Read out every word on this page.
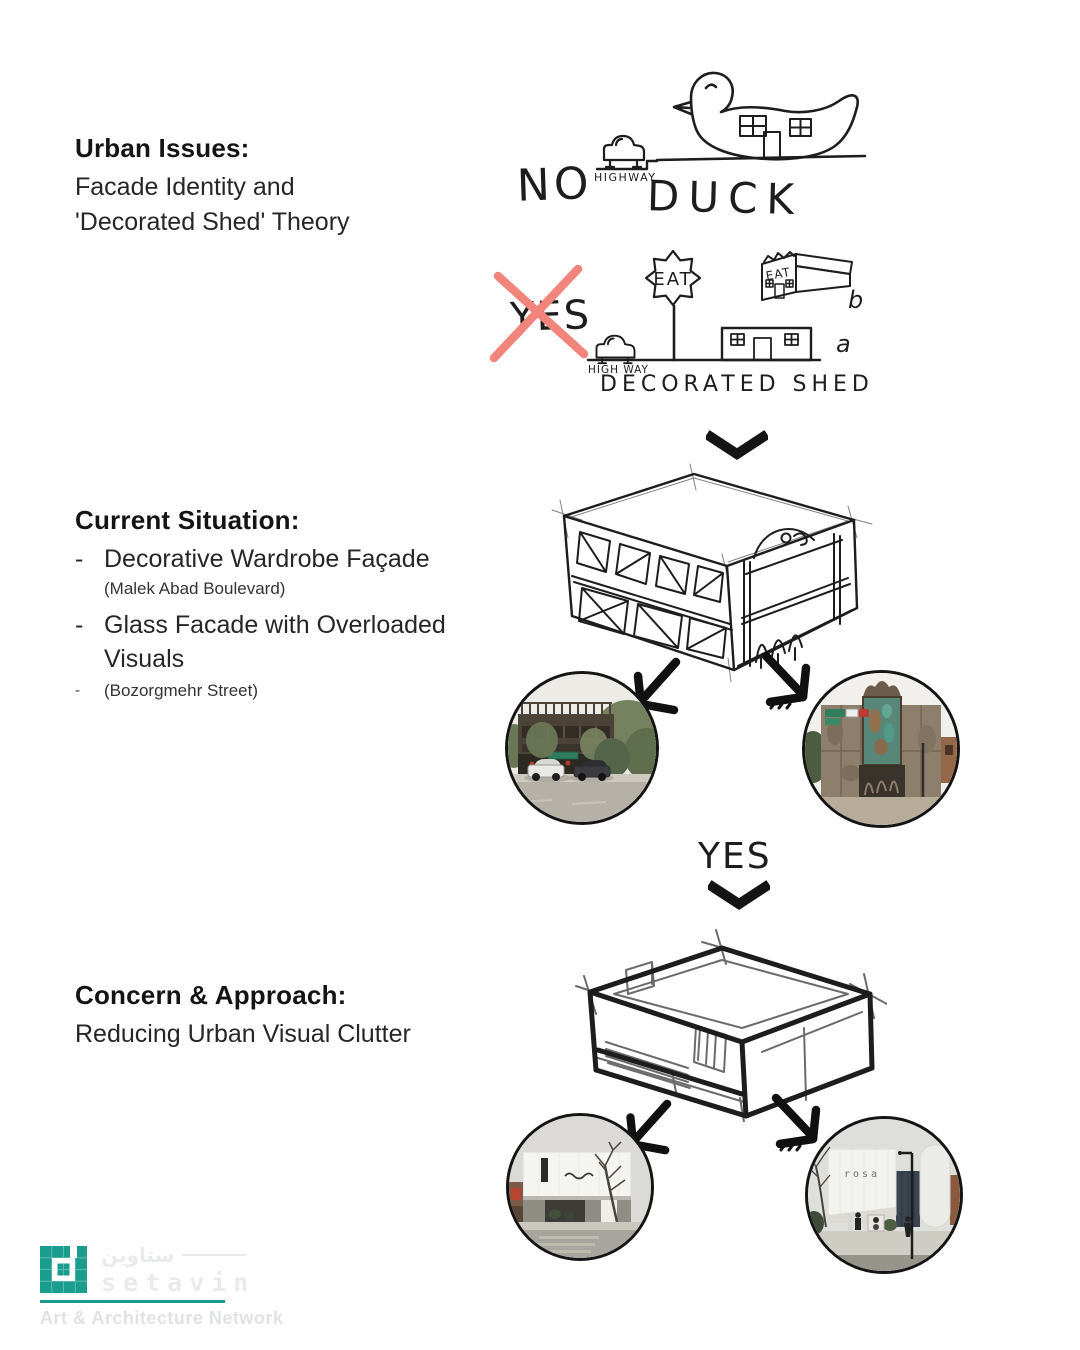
Urban Issues:
Facade Identity and
'Decorated Shed' Theory
Current Situation:
- Decorative Wardrobe Façade
(Malek Abad Boulevard)
- Glass Facade with Overloaded Visuals
-	(Bozorgmehr Street)
Concern & Approach:
Reducing Urban Visual Clutter
NO HIGHWAY
DUCK
YES
HIGH WAY
EAT
a
EAT
b
DECORATED SHED
YES
rosa
ستاوین
setavin
Art & Architecture Network
